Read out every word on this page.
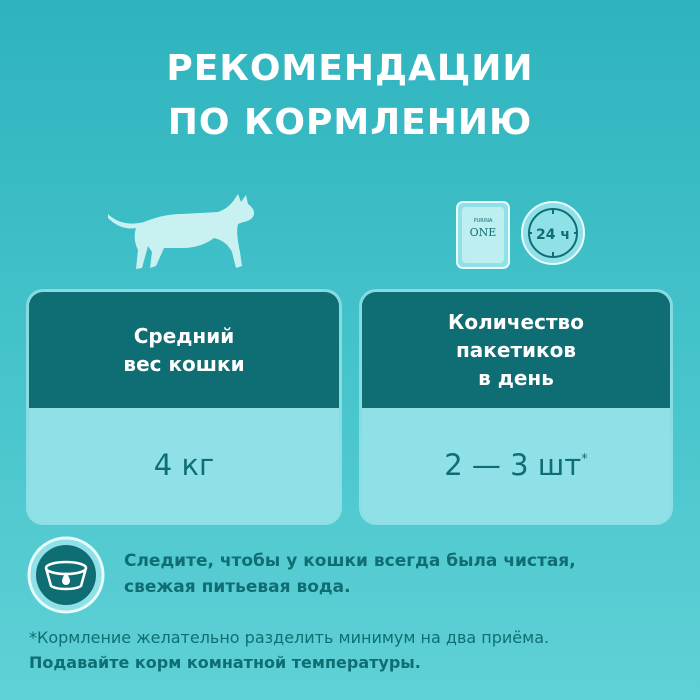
РЕКОМЕНДАЦИИ
ПО КОРМЛЕНИЮ
PURINA
ONE	24 ч
Средний
вес кошки
4 кг
Количество
пакетиков
в день
2 — 3 шт*
Следите, чтобы у кошки всегда была чистая,
свежая питьевая вода.
*Кормление желательно разделить минимум на два приёма.
Подавайте корм комнатной температуры.
